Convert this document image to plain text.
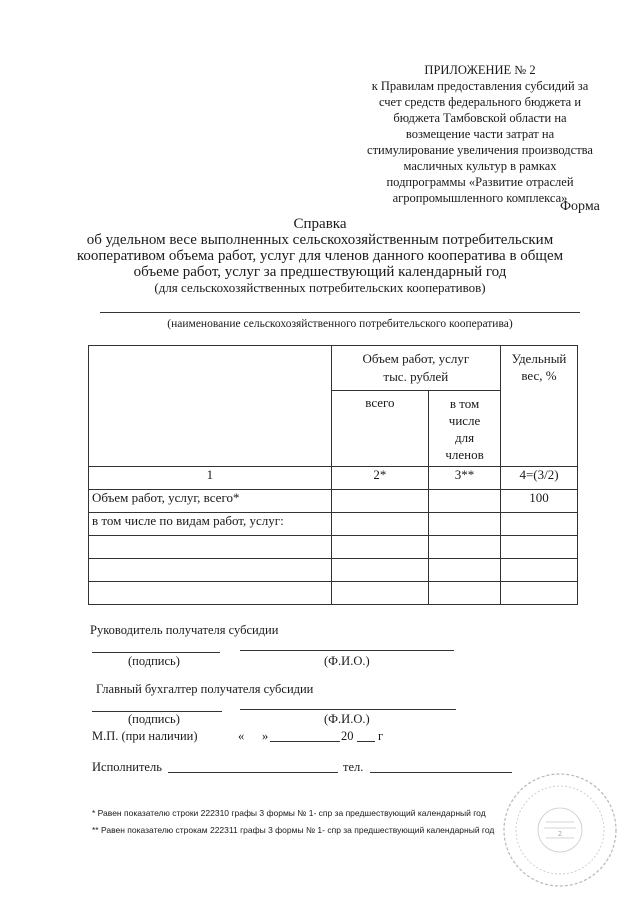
ПРИЛОЖЕНИЕ № 2
к Правилам предоставления субсидий за
счет средств федерального бюджета и
бюджета Тамбовской области на
возмещение части затрат на
стимулирование увеличения производства
масличных культур в рамках
подпрограммы «Развитие отраслей
агропромышленного комплекса»
Форма
Справка
об удельном весе выполненных сельскохозяйственным потребительским
кооперативом объема работ, услуг для членов данного кооператива в общем
объеме работ, услуг за предшествующий календарный год
(для сельскохозяйственных потребительских кооперативов)
(наименование сельскохозяйственного потребительского кооператива)
	Объем работ, услуг тыс. рублей		Удельный вес, %
	всего	в том числе для членов	
1	2*	3**	4=(3/2)
Объем работ, услуг, всего*			100
в том числе по видам работ, услуг:			

Руководитель получателя субсидии
(подпись)	(Ф.И.О.)
Главный бухгалтер получателя субсидии
(подпись)	(Ф.И.О.)
М.П. (при наличии)	« »	20 г
Исполнитель	тел.
* Равен показателю строки 222310 графы 3 формы № 1- спр за предшествующий календарный год
** Равен показателю строкам 222311 графы 3 формы № 1- спр за предшествующий календарный год	2
